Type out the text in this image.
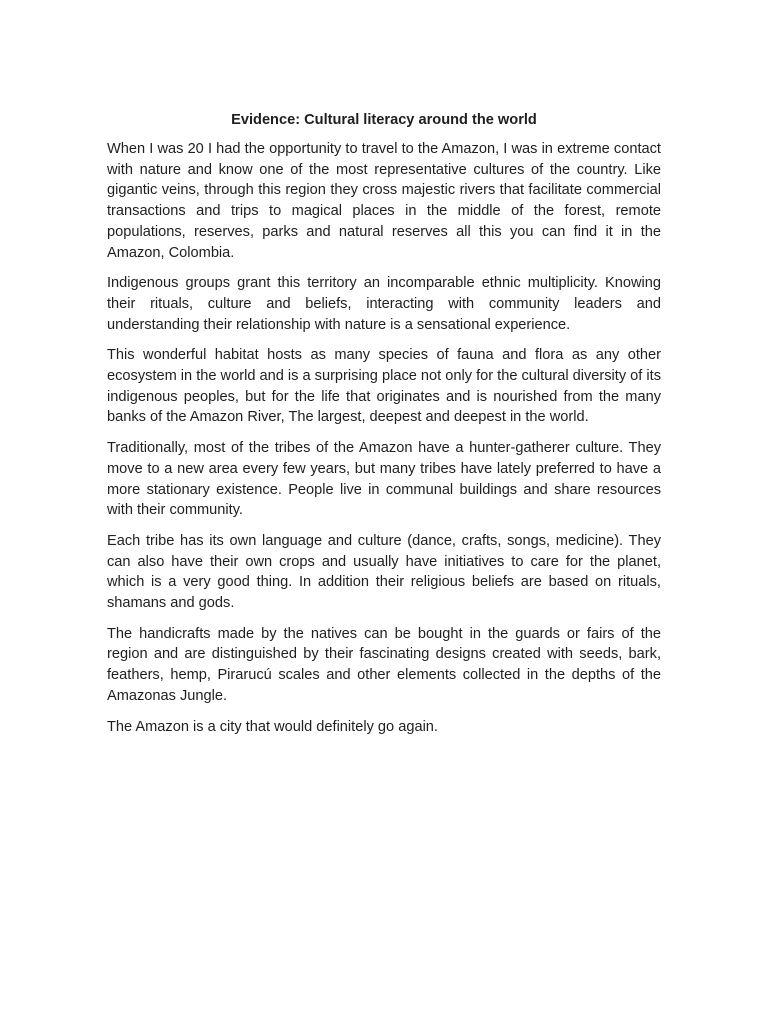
Evidence: Cultural literacy around the world

When I was 20 I had the opportunity to travel to the Amazon, I was in extreme contact with nature and know one of the most representative cultures of the country. Like gigantic veins, through this region they cross majestic rivers that facilitate commercial transactions and trips to magical places in the middle of the forest, remote populations, reserves, parks and natural reserves all this you can find it in the Amazon, Colombia.

Indigenous groups grant this territory an incomparable ethnic multiplicity. Knowing their rituals, culture and beliefs, interacting with community leaders and understanding their relationship with nature is a sensational experience.

This wonderful habitat hosts as many species of fauna and flora as any other ecosystem in the world and is a surprising place not only for the cultural diversity of its indigenous peoples, but for the life that originates and is nourished from the many banks of the Amazon River, The largest, deepest and deepest in the world.

Traditionally, most of the tribes of the Amazon have a hunter-gatherer culture. They move to a new area every few years, but many tribes have lately preferred to have a more stationary existence. People live in communal buildings and share resources with their community.

Each tribe has its own language and culture (dance, crafts, songs, medicine). They can also have their own crops and usually have initiatives to care for the planet, which is a very good thing. In addition their religious beliefs are based on rituals, shamans and gods.

The handicrafts made by the natives can be bought in the guards or fairs of the region and are distinguished by their fascinating designs created with seeds, bark, feathers, hemp, Pirarucú scales and other elements collected in the depths of the Amazonas Jungle.

The Amazon is a city that would definitely go again.
